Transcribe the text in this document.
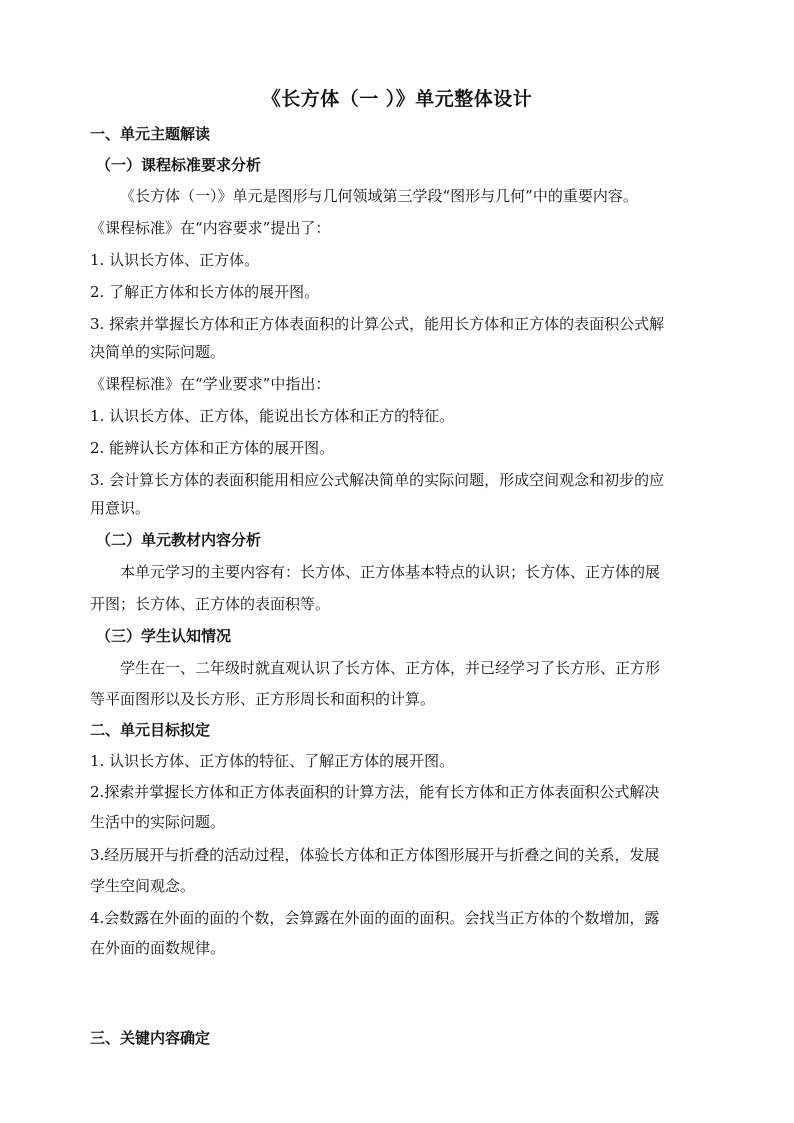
《长方体（一 ）》单元整体设计
一、单元主题解读
（一）课程标准要求分析
《长方体（一）》单元是图形与几何领域第三学段“图形与几何”中的重要内容。
《课程标准》在“内容要求”提出了：
1. 认识长方体、正方体。
2. 了解正方体和长方体的展开图。
3. 探索并掌握长方体和正方体表面积的计算公式，能用长方体和正方体的表面积公式解
决简单的实际问题。
《课程标准》在“学业要求”中指出：
1. 认识长方体、正方体，能说出长方体和正方的特征。
2. 能辨认长方体和正方体的展开图。
3. 会计算长方体的表面积能用相应公式解决简单的实际问题，形成空间观念和初步的应
用意识。
（二）单元教材内容分析
本单元学习的主要内容有：长方体、正方体基本特点的认识；长方体、正方体的展
开图；长方体、正方体的表面积等。
（三）学生认知情况
学生在一、二年级时就直观认识了长方体、正方体，并已经学习了长方形、正方形
等平面图形以及长方形、正方形周长和面积的计算。
二、单元目标拟定
1. 认识长方体、正方体的特征、了解正方体的展开图。
2.探索并掌握长方体和正方体表面积的计算方法，能有长方体和正方体表面积公式解决
生活中的实际问题。
3.经历展开与折叠的活动过程，体验长方体和正方体图形展开与折叠之间的关系，发展
学生空间观念。
4.会数露在外面的面的个数，会算露在外面的面的面积。会找当正方体的个数增加，露
在外面的面数规律。
三、关键内容确定
